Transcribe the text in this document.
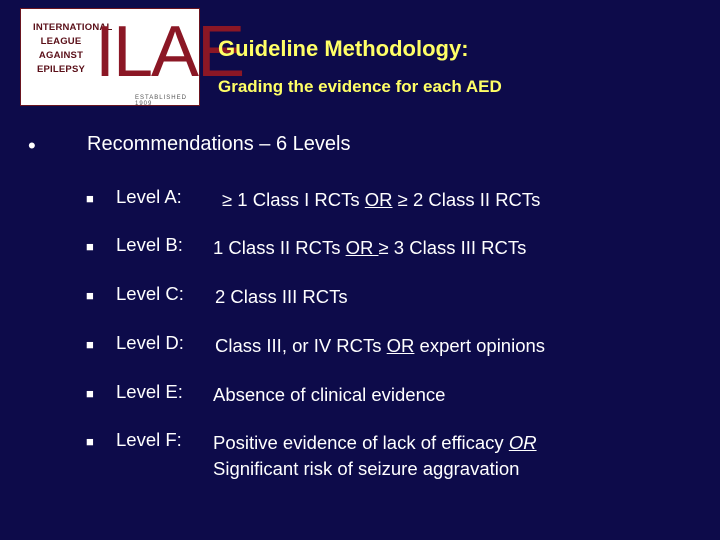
INTERNATIONAL
LEAGUE
AGAINST
EPILEPSY ILAE
ESTABLISHED 1909
Guideline Methodology:
Grading the evidence for each AED
•	Recommendations – 6 Levels
■ Level A: ≥ 1 Class I RCTs OR ≥ 2 Class II RCTs
■ Level B: 1 Class II RCTs OR ≥ 3 Class III RCTs
■ Level C: 2 Class III RCTs
■ Level D: Class III, or IV RCTs OR expert opinions
■ Level E: Absence of clinical evidence
■ Level F: Positive evidence of lack of efficacy OR
Significant risk of seizure aggravation
